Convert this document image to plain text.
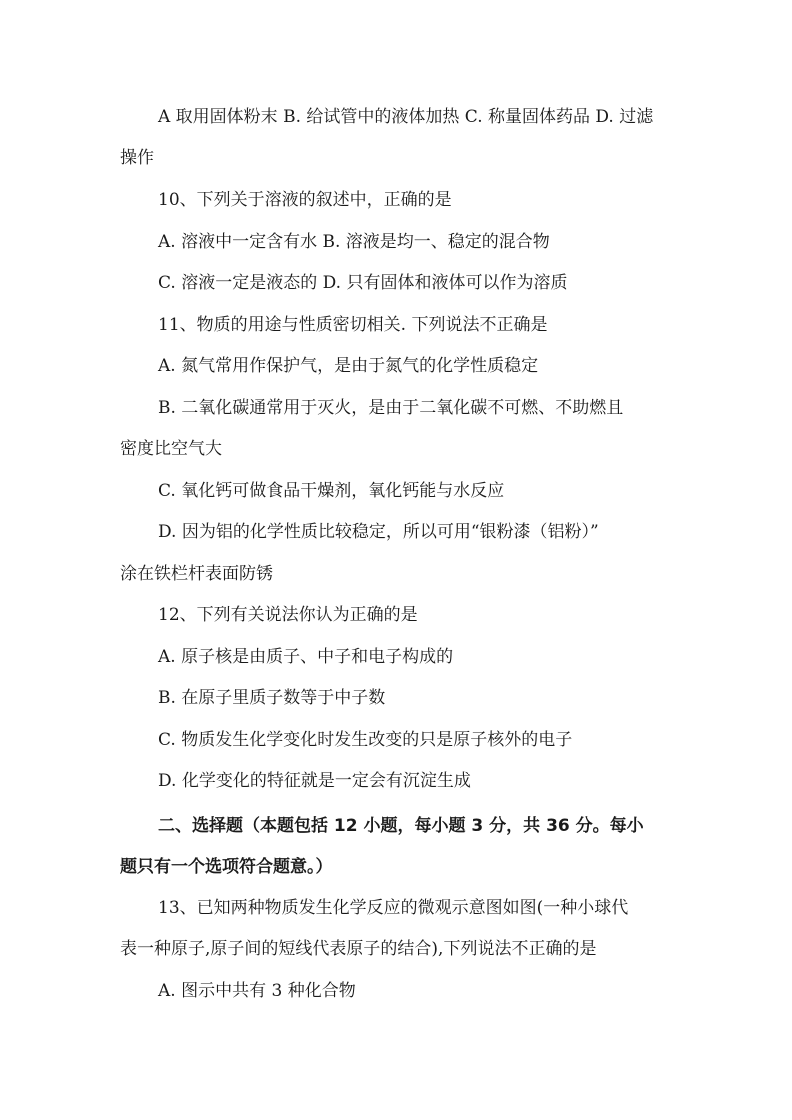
A 取用固体粉末 B. 给试管中的液体加热 C. 称量固体药品 D. 过滤
操作
10、下列关于溶液的叙述中，正确的是
A. 溶液中一定含有水 B. 溶液是均一、稳定的混合物
C. 溶液一定是液态的 D. 只有固体和液体可以作为溶质
11、物质的用途与性质密切相关. 下列说法不正确是
A. 氮气常用作保护气，是由于氮气的化学性质稳定
B. 二氧化碳通常用于灭火，是由于二氧化碳不可燃、不助燃且
密度比空气大
C. 氧化钙可做食品干燥剂，氧化钙能与水反应
D. 因为铝的化学性质比较稳定，所以可用“银粉漆（铝粉）”
涂在铁栏杆表面防锈
12、下列有关说法你认为正确的是
A. 原子核是由质子、中子和电子构成的
B. 在原子里质子数等于中子数
C. 物质发生化学变化时发生改变的只是原子核外的电子
D. 化学变化的特征就是一定会有沉淀生成
二、选择题（本题包括 12 小题，每小题 3 分，共 36 分。每小
题只有一个选项符合题意。）
13、已知两种物质发生化学反应的微观示意图如图(一种小球代
表一种原子,原子间的短线代表原子的结合),下列说法不正确的是
A. 图示中共有 3 种化合物
